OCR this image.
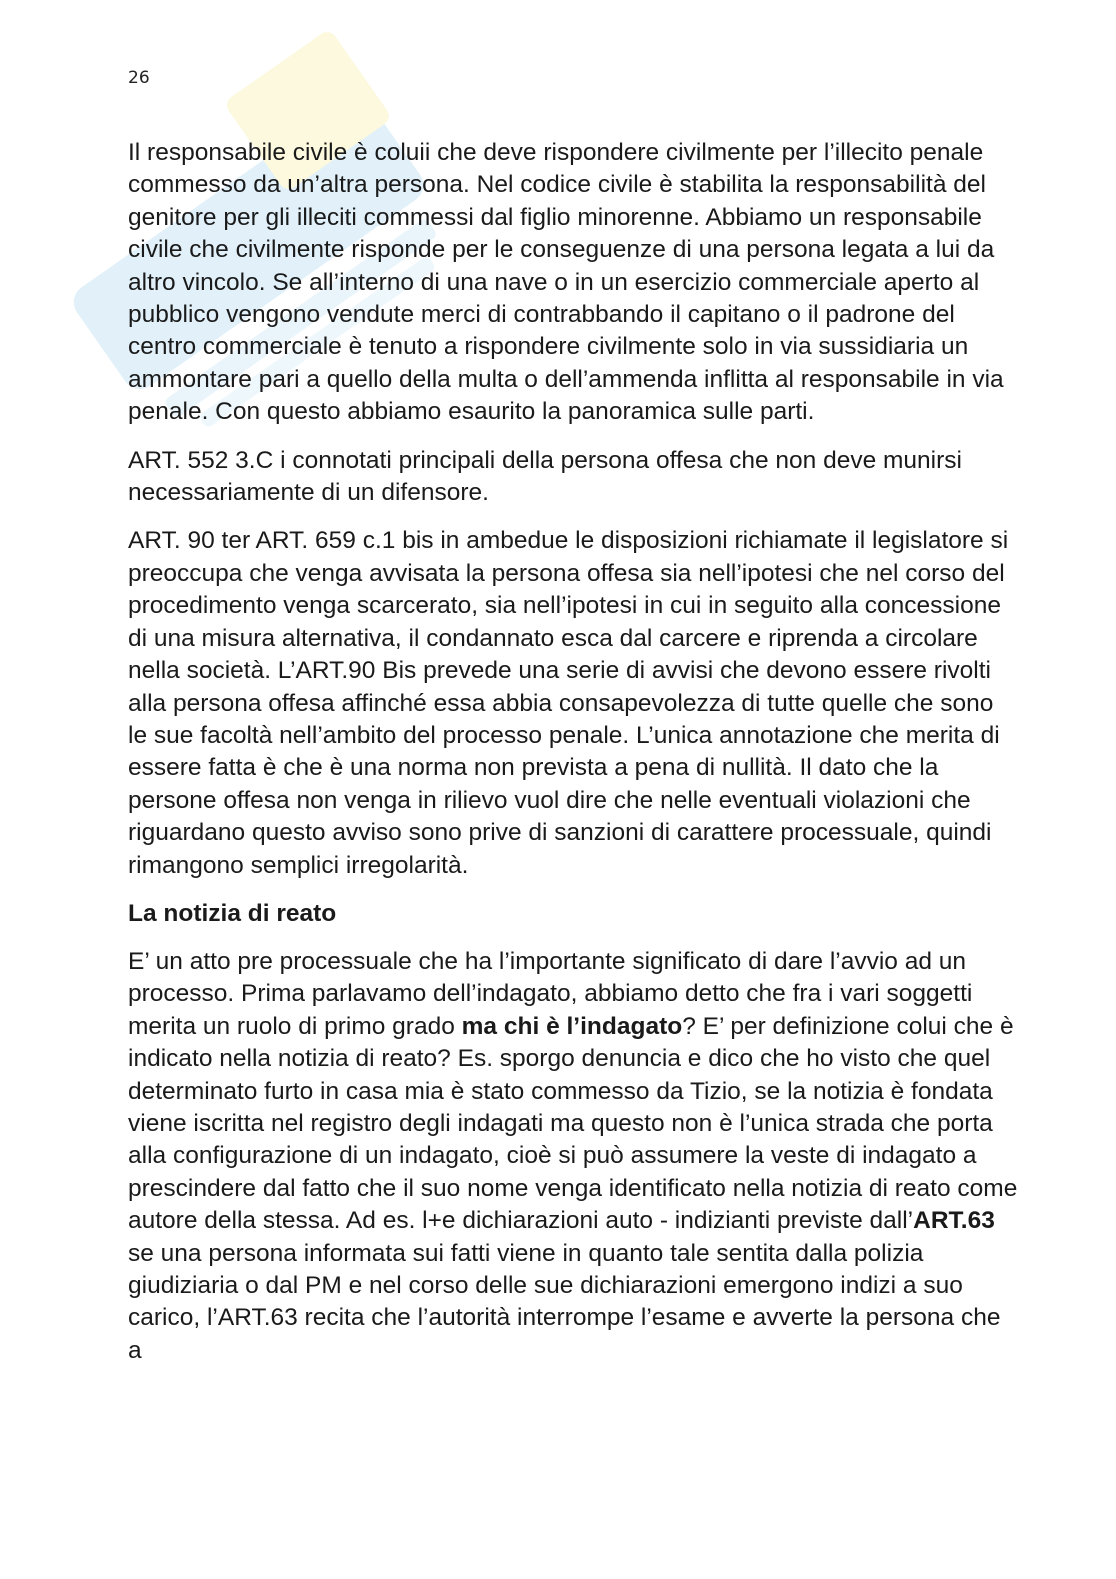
26

Il responsabile civile è coluii che deve rispondere civilmente per l’illecito penale commesso da un’altra persona. Nel codice civile è stabilita la responsabilità del genitore per gli illeciti commessi dal figlio minorenne. Abbiamo un responsabile civile che civilmente risponde per le conseguenze di una persona legata a lui da altro vincolo. Se all’interno di una nave o in un esercizio commerciale aperto al pubblico vengono vendute merci di contrabbando il capitano o il padrone del centro commerciale è tenuto a rispondere civilmente solo in via sussidiaria un ammontare pari a quello della multa o dell’ammenda inflitta al responsabile in via penale. Con questo abbiamo esaurito la panoramica sulle parti.

ART. 552 3.C i connotati principali della persona offesa che non deve munirsi necessariamente di un difensore.

ART. 90 ter ART. 659 c.1 bis in ambedue le disposizioni richiamate il legislatore si preoccupa che venga avvisata la persona offesa sia nell’ipotesi che nel corso del procedimento venga scarcerato, sia nell’ipotesi in cui in seguito alla concessione di una misura alternativa, il condannato esca dal carcere e riprenda a circolare nella società. L’ART.90 Bis prevede una serie di avvisi che devono essere rivolti alla persona offesa affinché essa abbia consapevolezza di tutte quelle che sono le sue facoltà nell’ambito del processo penale. L’unica annotazione che merita di essere fatta è che è una norma non prevista a pena di nullità. Il dato che la persone offesa non venga in rilievo vuol dire che nelle eventuali violazioni che riguardano questo avviso sono prive di sanzioni di carattere processuale, quindi rimangono semplici irregolarità.

La notizia di reato

E’ un atto pre processuale che ha l’importante significato di dare l’avvio ad un processo. Prima parlavamo dell’indagato, abbiamo detto che fra i vari soggetti merita un ruolo di primo grado ma chi è l’indagato? E’ per definizione colui che è indicato nella notizia di reato? Es. sporgo denuncia e dico che ho visto che quel determinato furto in casa mia è stato commesso da Tizio, se la notizia è fondata viene iscritta nel registro degli indagati ma questo non è l’unica strada che porta alla configurazione di un indagato, cioè si può assumere la veste di indagato a prescindere dal fatto che il suo nome venga identificato nella notizia di reato come autore della stessa. Ad es. l+e dichiarazioni auto - indizianti previste dall’ART.63 se una persona informata sui fatti viene in quanto tale sentita dalla polizia giudiziaria o dal PM e nel corso delle sue dichiarazioni emergono indizi a suo carico, l’ART.63 recita che l’autorità interrompe l’esame e avverte la persona che a
